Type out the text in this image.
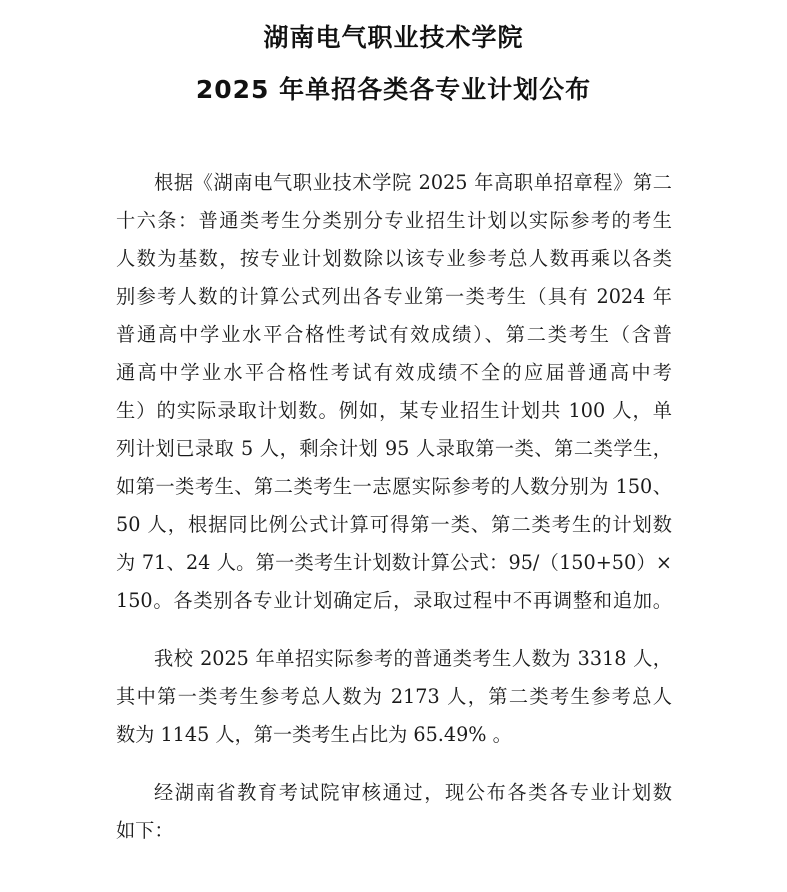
湖南电气职业技术学院
2025 年单招各类各专业计划公布
根据《湖南电气职业技术学院 2025 年高职单招章程》第二
十六条：普通类考生分类别分专业招生计划以实际参考的考生
人数为基数，按专业计划数除以该专业参考总人数再乘以各类
别参考人数的计算公式列出各专业第一类考生（具有 2024 年
普通高中学业水平合格性考试有效成绩）、第二类考生（含普
通高中学业水平合格性考试有效成绩不全的应届普通高中考
生）的实际录取计划数。例如，某专业招生计划共 100 人，单
列计划已录取 5 人，剩余计划 95 人录取第一类、第二类学生，
如第一类考生、第二类考生一志愿实际参考的人数分别为 150、
50 人，根据同比例公式计算可得第一类、第二类考生的计划数
为 71、24 人。第一类考生计划数计算公式：95/（150+50）×
150。各类别各专业计划确定后，录取过程中不再调整和追加。
我校 2025 年单招实际参考的普通类考生人数为 3318 人，
其中第一类考生参考总人数为 2173 人，第二类考生参考总人
数为 1145 人，第一类考生占比为 65.49% 。
经湖南省教育考试院审核通过，现公布各类各专业计划数
如下：
